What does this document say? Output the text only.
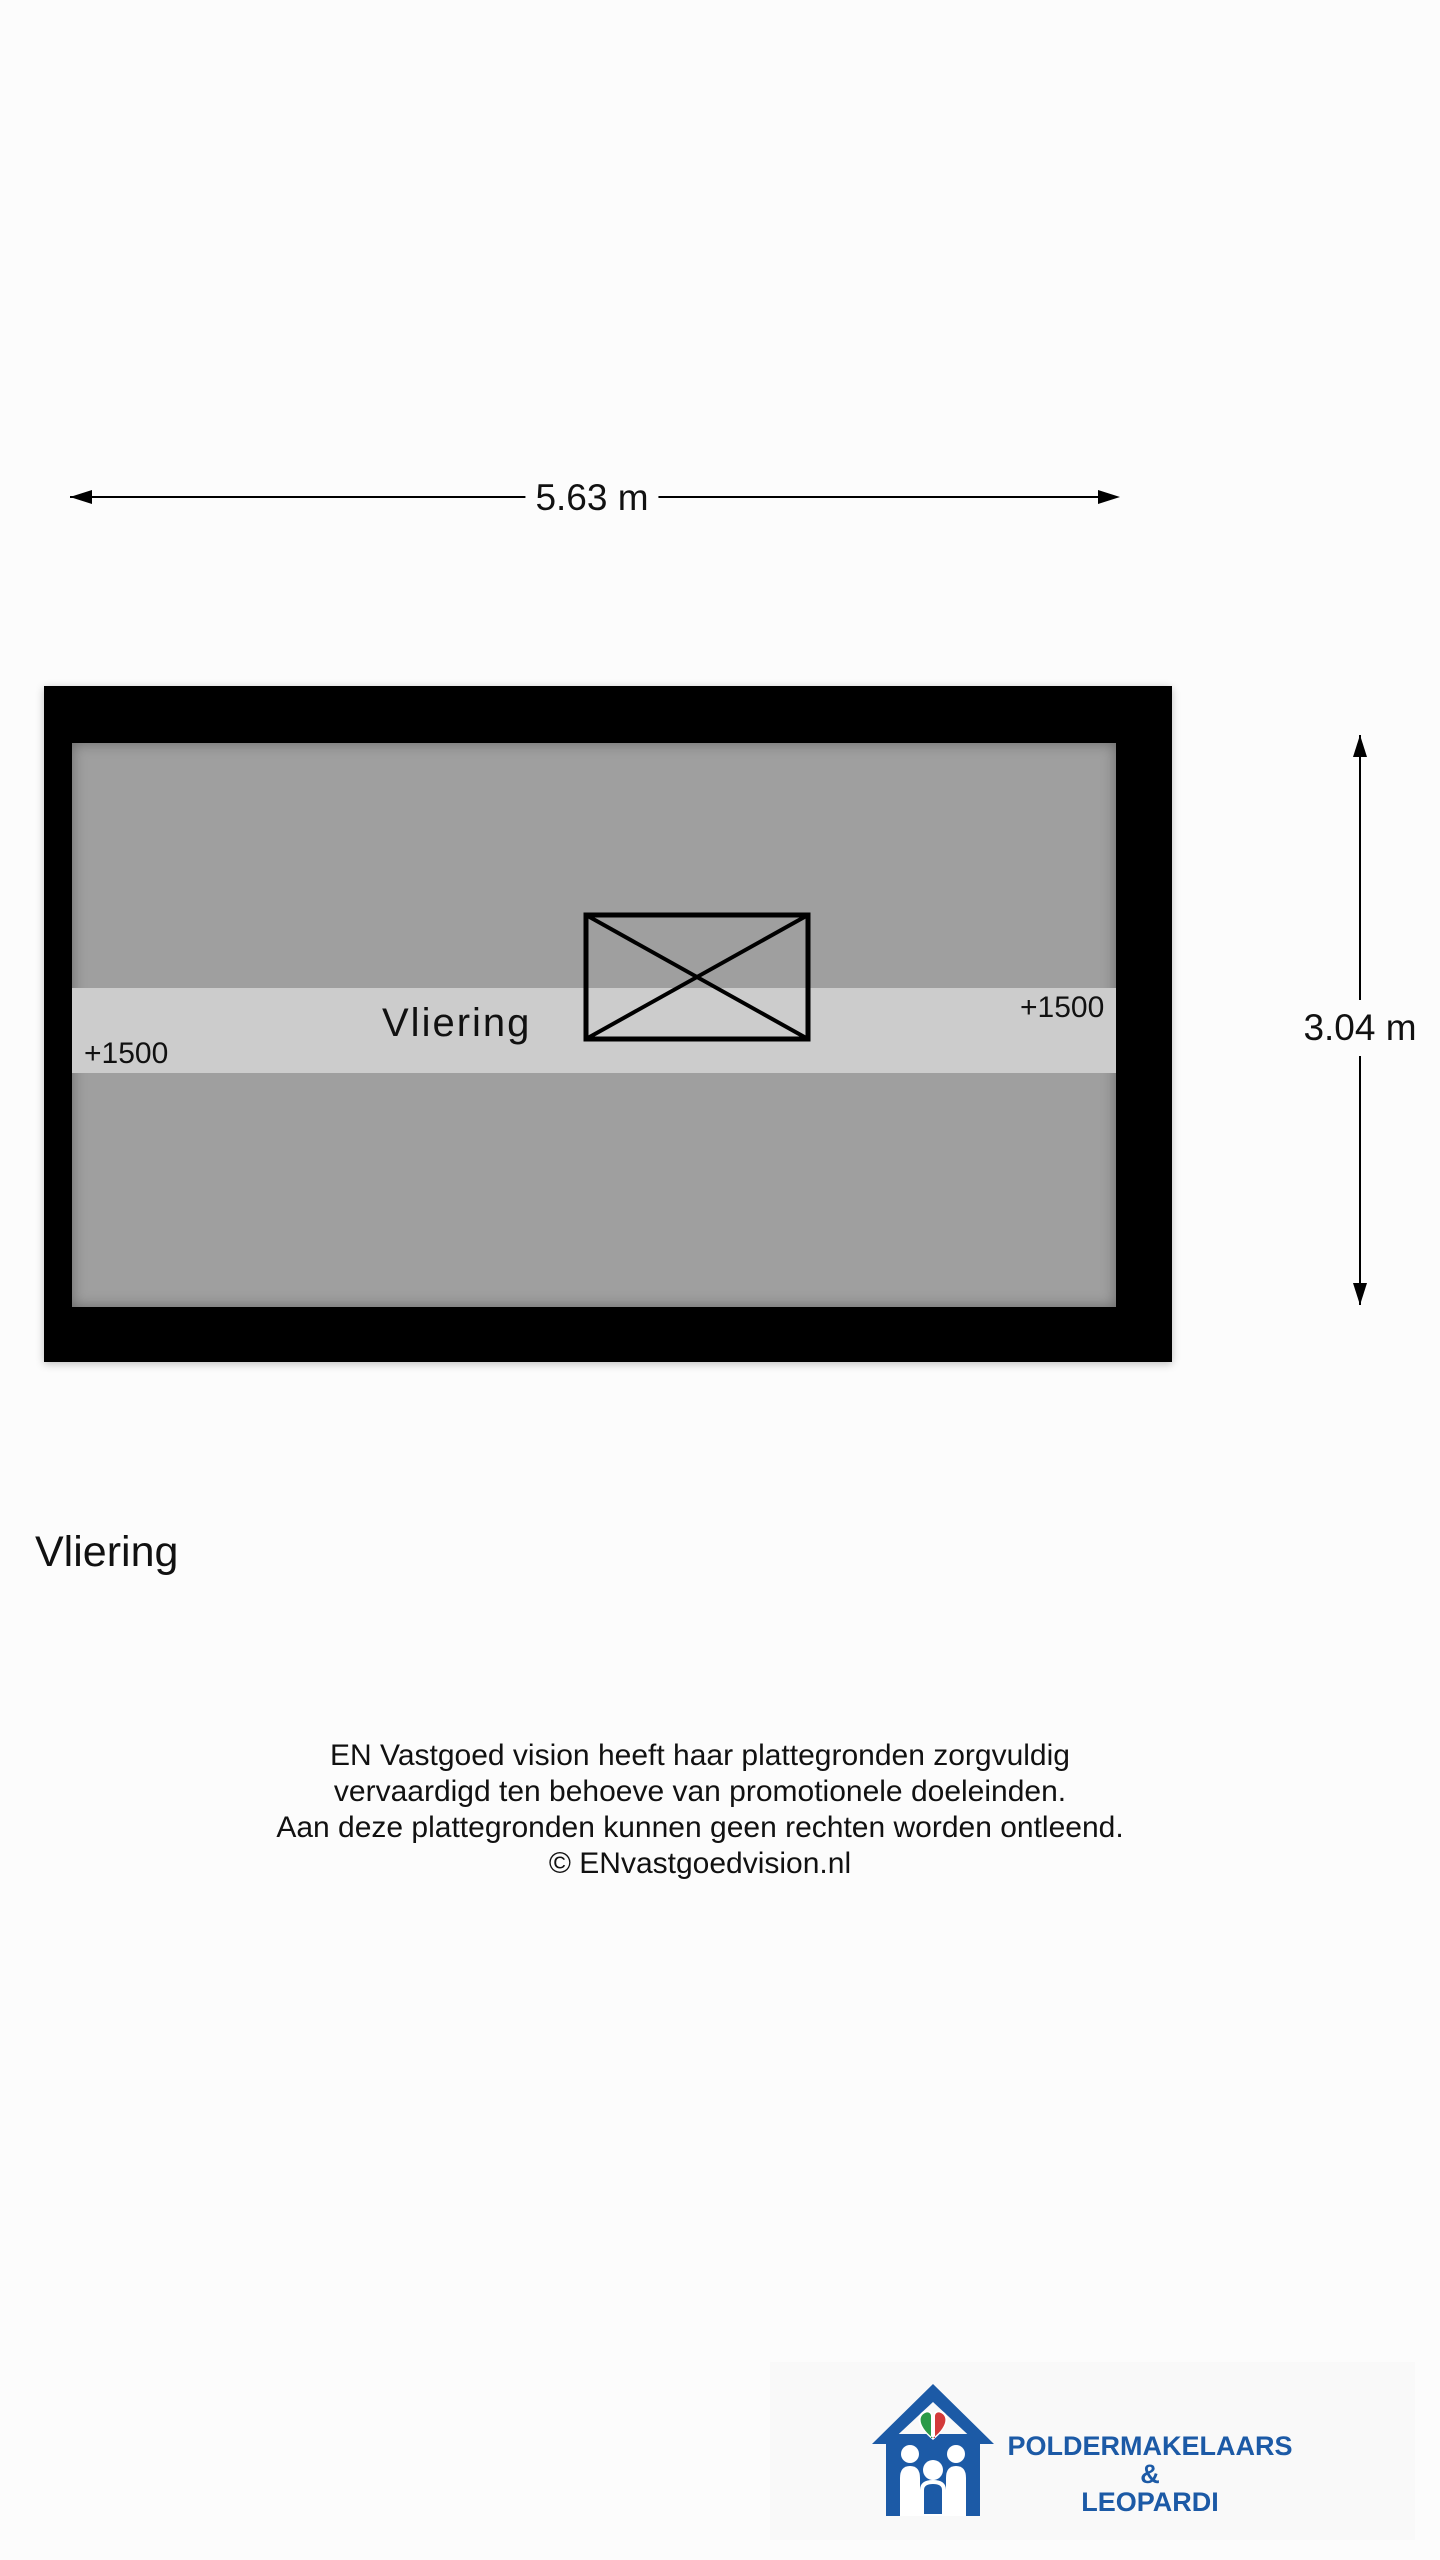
5.63 m
3.04 m
Vliering
+1500
+1500
Vliering
EN Vastgoed vision heeft haar plattegronden zorgvuldig
vervaardigd ten behoeve van promotionele doeleinden.
Aan deze plattegronden kunnen geen rechten worden ontleend.
© ENvastgoedvision.nl
POLDERMAKELAARS
&
LEOPARDI
